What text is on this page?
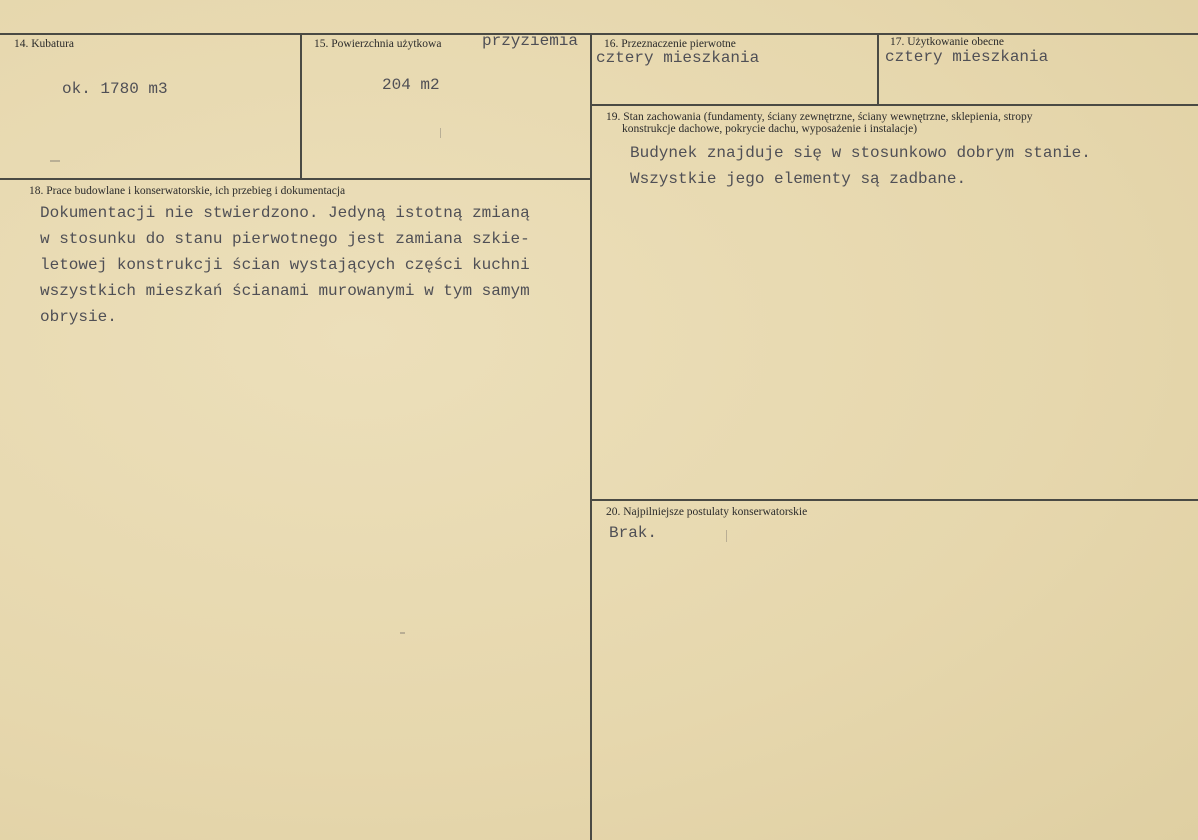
14. Kubatura
ok. 1780 m3
15. Powierzchnia użytkowa	przyziemia
204 m2
16. Przeznaczenie pierwotne
cztery mieszkania
17. Użytkowanie obecne
cztery mieszkania
18. Prace budowlane i konserwatorskie, ich przebieg i dokumentacja
Dokumentacji nie stwierdzono. Jedyną istotną zmianą
w stosunku do stanu pierwotnego jest zamiana szkie-
letowej konstrukcji ścian wystających części kuchni
wszystkich mieszkań ścianami murowanymi w tym samym
obrysie.
19. Stan zachowania (fundamenty, ściany zewnętrzne, ściany wewnętrzne, sklepienia, stropy
konstrukcje dachowe, pokrycie dachu, wyposażenie i instalacje)
Budynek znajduje się w stosunkowo dobrym stanie.
Wszystkie jego elementy są zadbane.
20. Najpilniejsze postulaty konserwatorskie
Brak.
